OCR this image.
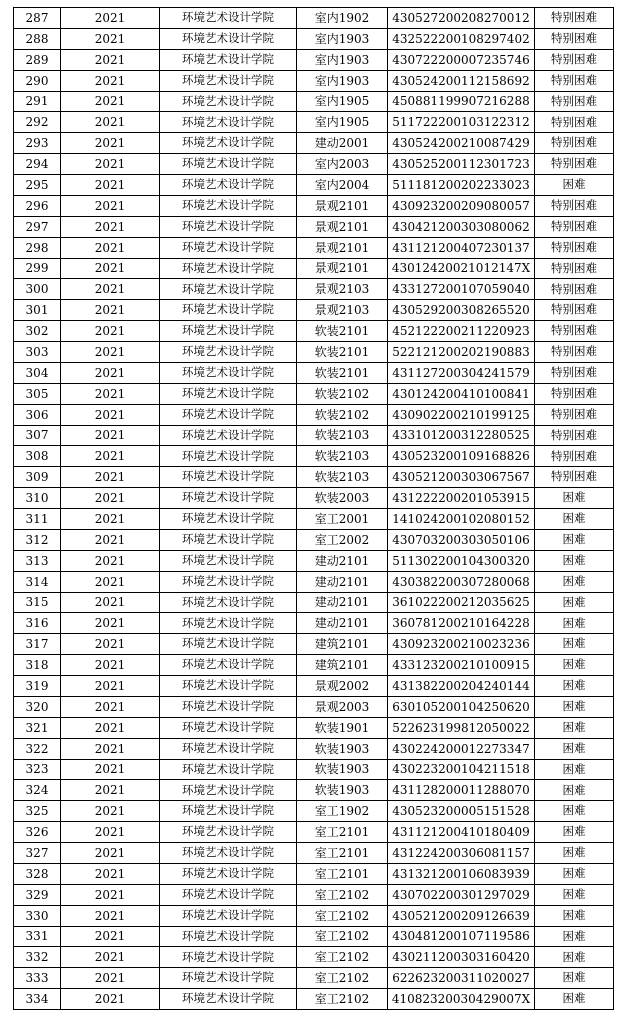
287	2021	环境艺术设计学院	室内1902	430527200208270012	特别困难
288	2021	环境艺术设计学院	室内1903	432522200108297402	特别困难
289	2021	环境艺术设计学院	室内1903	430722200007235746	特别困难
290	2021	环境艺术设计学院	室内1903	430524200112158692	特别困难
291	2021	环境艺术设计学院	室内1905	450881199907216288	特别困难
292	2021	环境艺术设计学院	室内1905	511722200103122312	特别困难
293	2021	环境艺术设计学院	建动2001	430524200210087429	特别困难
294	2021	环境艺术设计学院	室内2003	430525200112301723	特别困难
295	2021	环境艺术设计学院	室内2004	511181200202233023	困难
296	2021	环境艺术设计学院	景观2101	430923200209080057	特别困难
297	2021	环境艺术设计学院	景观2101	430421200303080062	特别困难
298	2021	环境艺术设计学院	景观2101	431121200407230137	特别困难
299	2021	环境艺术设计学院	景观2101	43012420021012147X	特别困难
300	2021	环境艺术设计学院	景观2103	433127200107059040	特别困难
301	2021	环境艺术设计学院	景观2103	430529200308265520	特别困难
302	2021	环境艺术设计学院	软装2101	452122200211220923	特别困难
303	2021	环境艺术设计学院	软装2101	522121200202190883	特别困难
304	2021	环境艺术设计学院	软装2101	431127200304241579	特别困难
305	2021	环境艺术设计学院	软装2102	430124200410100841	特别困难
306	2021	环境艺术设计学院	软装2102	430902200210199125	特别困难
307	2021	环境艺术设计学院	软装2103	433101200312280525	特别困难
308	2021	环境艺术设计学院	软装2103	430523200109168826	特别困难
309	2021	环境艺术设计学院	软装2103	430521200303067567	特别困难
310	2021	环境艺术设计学院	软装2003	431222200201053915	困难
311	2021	环境艺术设计学院	室工2001	141024200102080152	困难
312	2021	环境艺术设计学院	室工2002	430703200303050106	困难
313	2021	环境艺术设计学院	建动2101	511302200104300320	困难
314	2021	环境艺术设计学院	建动2101	430382200307280068	困难
315	2021	环境艺术设计学院	建动2101	361022200212035625	困难
316	2021	环境艺术设计学院	建动2101	360781200210164228	困难
317	2021	环境艺术设计学院	建筑2101	430923200210023236	困难
318	2021	环境艺术设计学院	建筑2101	433123200210100915	困难
319	2021	环境艺术设计学院	景观2002	431382200204240144	困难
320	2021	环境艺术设计学院	景观2003	630105200104250620	困难
321	2021	环境艺术设计学院	软装1901	522623199812050022	困难
322	2021	环境艺术设计学院	软装1903	430224200012273347	困难
323	2021	环境艺术设计学院	软装1903	430223200104211518	困难
324	2021	环境艺术设计学院	软装1903	431128200011288070	困难
325	2021	环境艺术设计学院	室工1902	430523200005151528	困难
326	2021	环境艺术设计学院	室工2101	431121200410180409	困难
327	2021	环境艺术设计学院	室工2101	431224200306081157	困难
328	2021	环境艺术设计学院	室工2101	431321200106083939	困难
329	2021	环境艺术设计学院	室工2102	430702200301297029	困难
330	2021	环境艺术设计学院	室工2102	430521200209126639	困难
331	2021	环境艺术设计学院	室工2102	430481200107119586	困难
332	2021	环境艺术设计学院	室工2102	430211200303160420	困难
333	2021	环境艺术设计学院	室工2102	622623200311020027	困难
334	2021	环境艺术设计学院	室工2102	41082320030429007X	困难
